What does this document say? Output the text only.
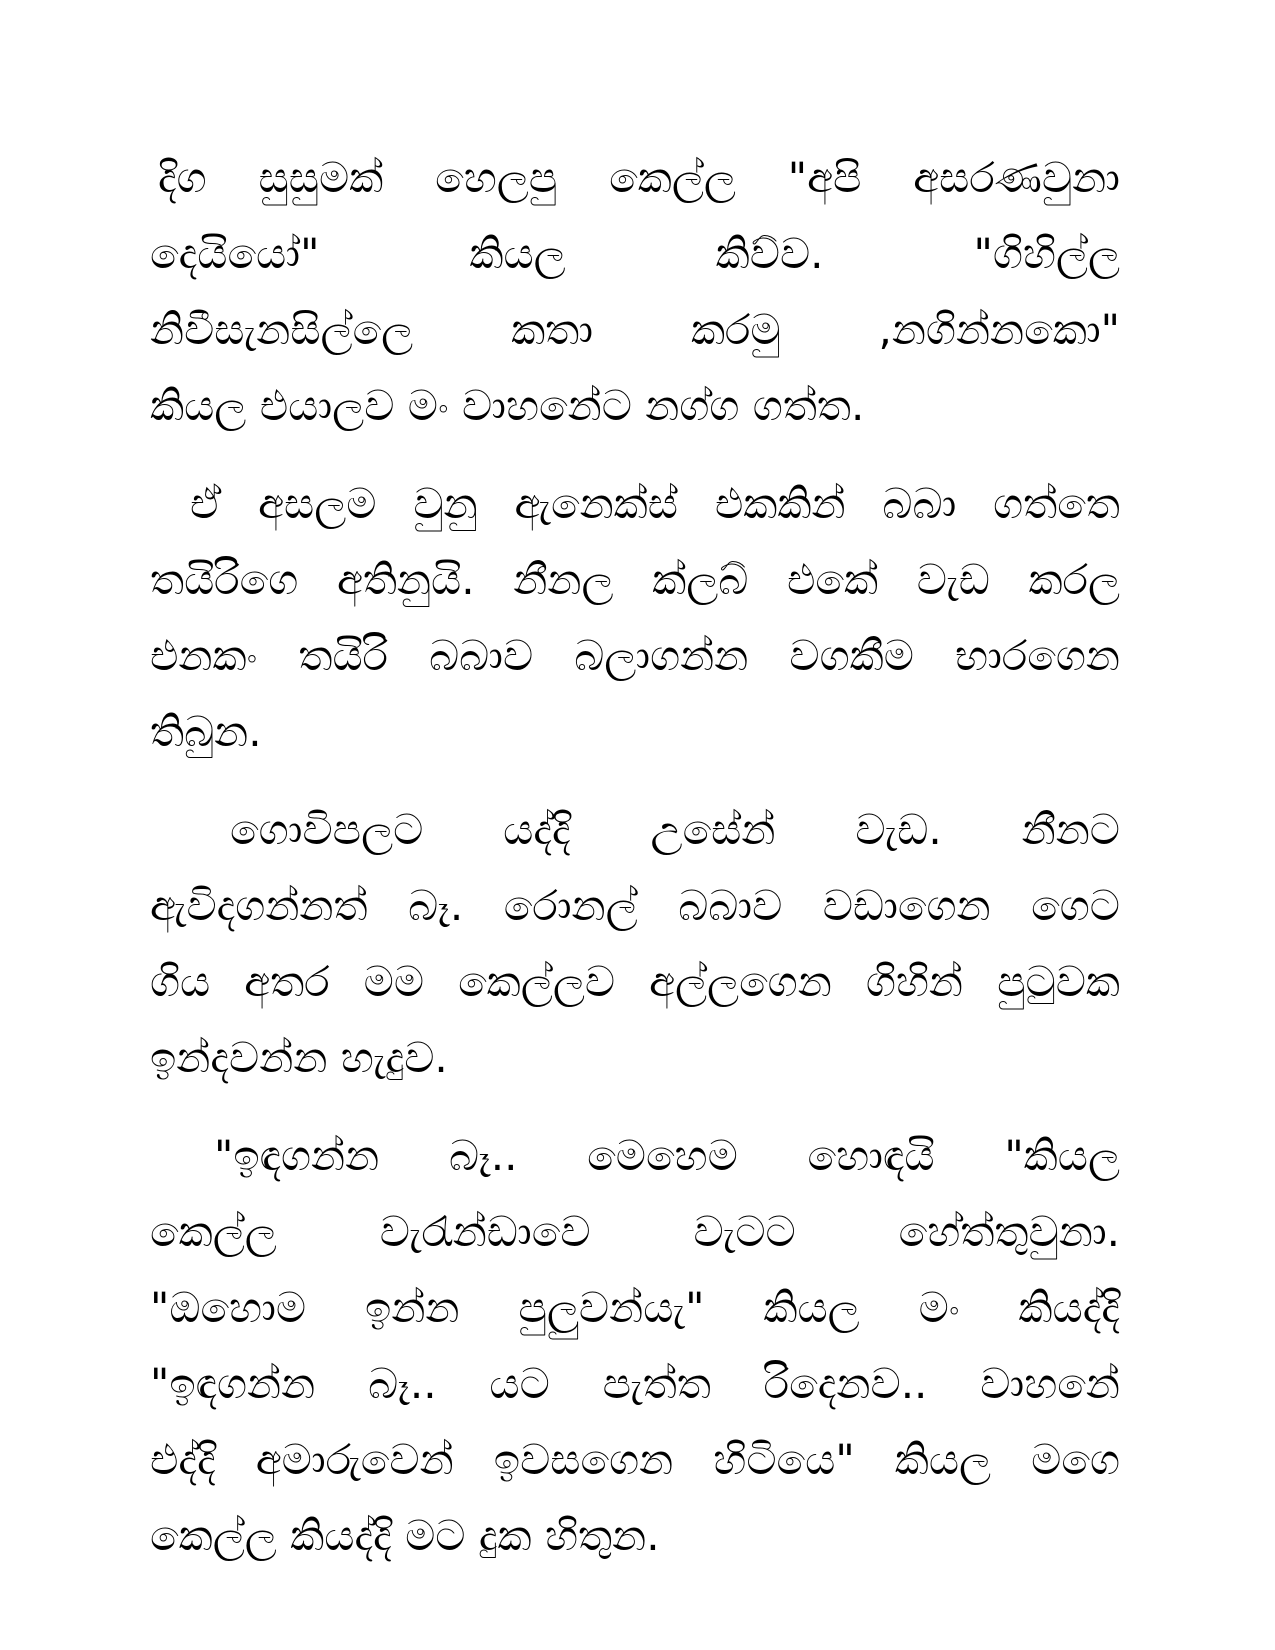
දිග සුසුමක් හෙලපු කෙල්ල "අපි අසරණවුනා
දෙයියෝ" කියල කිව්ව. "ගිහිල්ල
නිවීසැනසිල්ලෙ කතා කරමු ,නගින්නකො"
කියල එයාලව මං වාහනේට නග්ග ගත්ත.
ඒ අසලම වුනු ඇනෙක්ස් එකකින් බබා ගත්තෙ
තයිරිගෙ අතිනුයි. නීනල ක්ලබ් එකේ වැඩ කරල
එනකං තයිරි බබාව බලාගන්න වගකීම භාරගෙන
තිබුන.
ගොවිපලට යද්දි උසේන් වැඩ. නීනට
ඇවිදගන්නත් බෑ. රොනල් බබාව වඩාගෙන ගෙට
ගිය අතර මම කෙල්ලව අල්ලගෙන ගිහින් පුටුවක
ඉන්දවන්න හැදුව.
"ඉඳගන්න බෑ.. මෙහෙම හොඳයි "කියල
කෙල්ල වැරැන්ඩාවෙ වැටට හේත්තුවුනා.
"ඔහොම ඉන්න පුලුවන්යැ" කියල මං කියද්දි
"ඉඳගන්න බෑ.. යට පැත්ත රිදෙනව.. වාහනේ
එද්දි අමාරුවෙන් ඉවසගෙන හිටියෙ" කියල මගෙ
කෙල්ල කියද්දි මට දුක හිතුන.
